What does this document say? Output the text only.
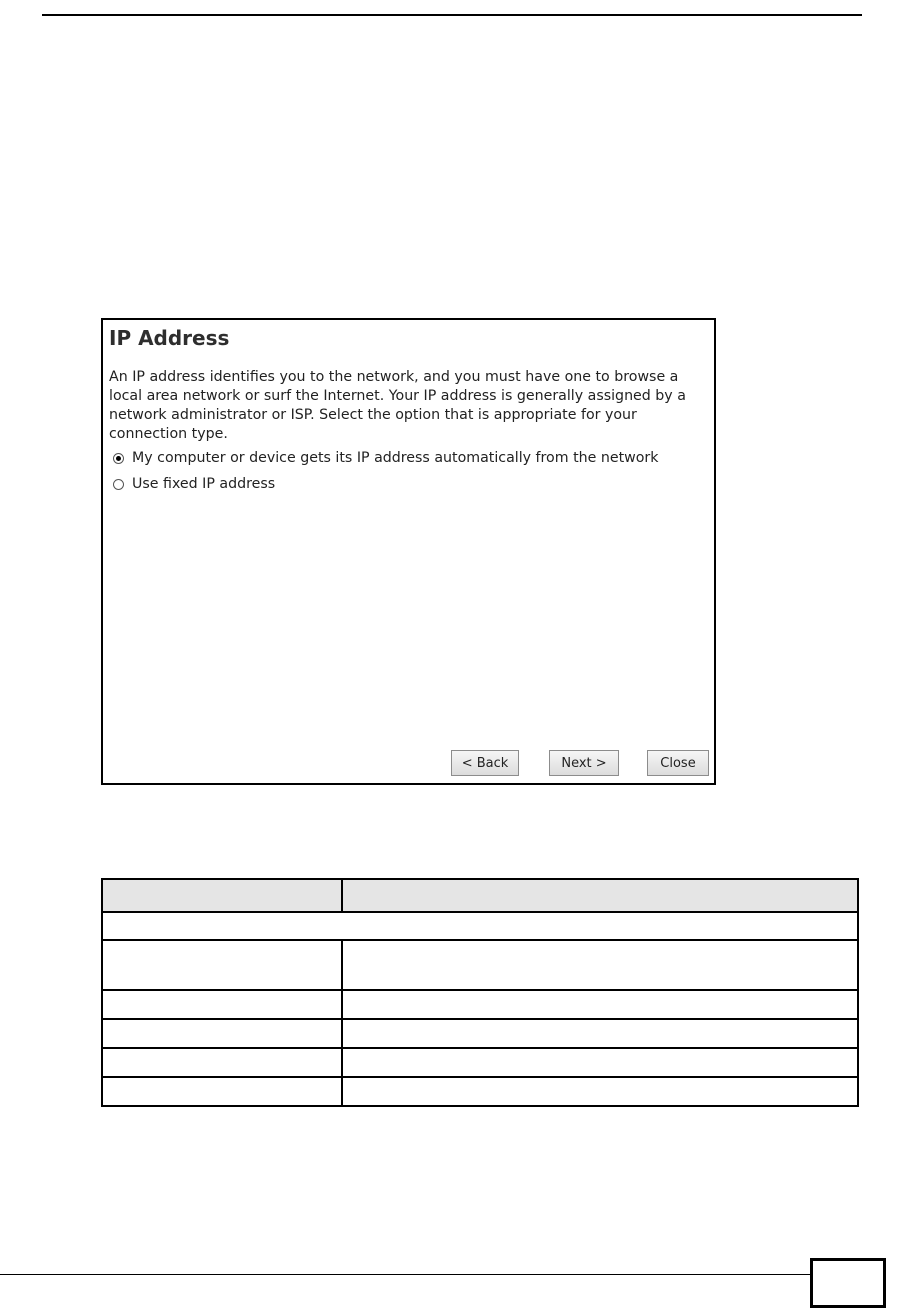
IP Address
An IP address identifies you to the network, and you must have one to browse a local area network or surf the Internet. Your IP address is generally assigned by a network administrator or ISP. Select the option that is appropriate for your connection type.
My computer or device gets its IP address automatically from the network
Use fixed IP address
< Back	Next >	Close
